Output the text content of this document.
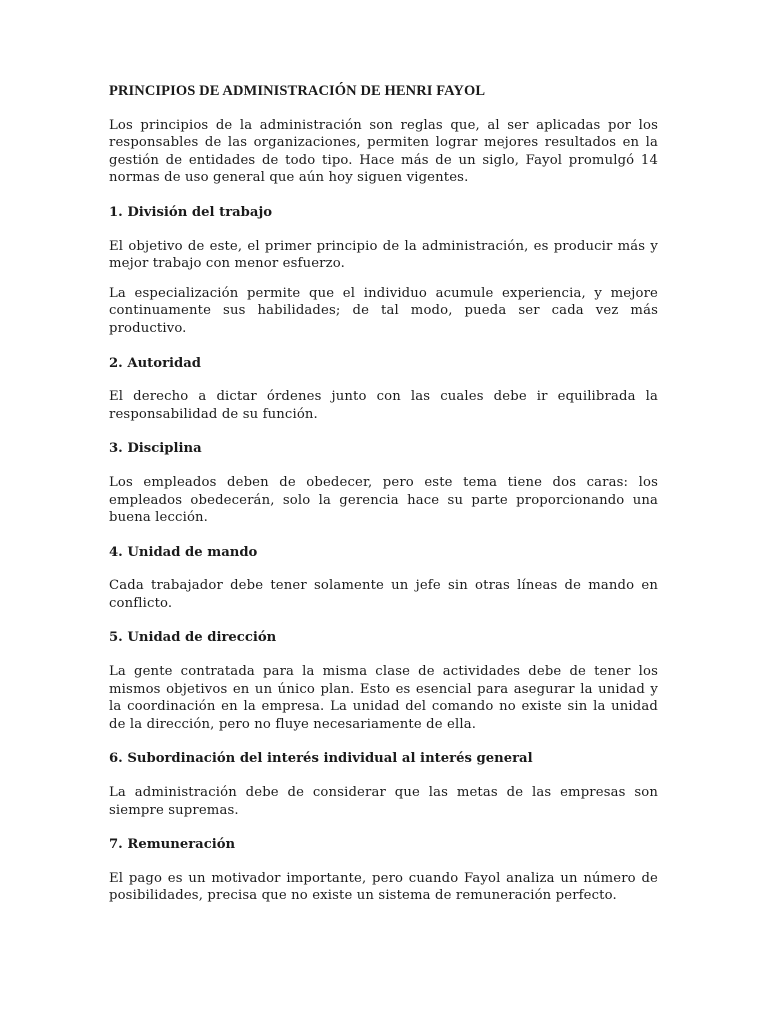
PRINCIPIOS DE ADMINISTRACIÓN DE HENRI FAYOL

Los principios de la administración son reglas que, al ser aplicadas por los responsables de las organizaciones, permiten lograr mejores resultados en la gestión de entidades de todo tipo. Hace más de un siglo, Fayol promulgó 14 normas de uso general que aún hoy siguen vigentes.

1. División del trabajo

El objetivo de este, el primer principio de la administración, es producir más y mejor trabajo con menor esfuerzo.

La especialización permite que el individuo acumule experiencia, y mejore continuamente sus habilidades; de tal modo, pueda ser cada vez más productivo.

2. Autoridad

El derecho a dictar órdenes junto con las cuales debe ir equilibrada la responsabilidad de su función.

3. Disciplina

Los empleados deben de obedecer, pero este tema tiene dos caras: los empleados obedecerán, solo la gerencia hace su parte proporcionando una buena lección.

4. Unidad de mando

Cada trabajador debe tener solamente un jefe sin otras líneas de mando en conflicto.

5. Unidad de dirección

La gente contratada para la misma clase de actividades debe de tener los mismos objetivos en un único plan. Esto es esencial para asegurar la unidad y la coordinación en la empresa. La unidad del comando no existe sin la unidad de la dirección, pero no fluye necesariamente de ella.

6. Subordinación del interés individual al interés general

La administración debe de considerar que las metas de las empresas son siempre supremas.

7. Remuneración

El pago es un motivador importante, pero cuando Fayol analiza un número de posibilidades, precisa que no existe un sistema de remuneración perfecto.
